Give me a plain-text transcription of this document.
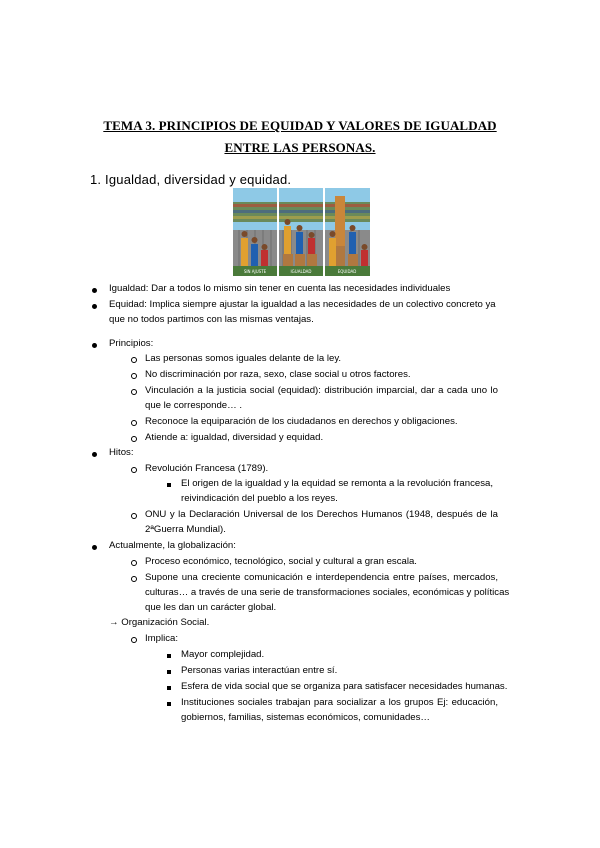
TEMA 3. PRINCIPIOS DE EQUIDAD Y VALORES DE IGUALDAD
ENTRE LAS PERSONAS.
1. Igualdad, diversidad y equidad.
SIN AJUSTE	IGUALDAD	EQUIDAD
Igualdad: Dar a todos lo mismo sin tener en cuenta las necesidades individuales
Equidad: Implica siempre ajustar la igualdad a las necesidades de un colectivo concreto ya
que no todos partimos con las mismas ventajas.
Principios:
Las personas somos iguales delante de la ley.
No discriminación por raza, sexo, clase social u otros factores.
Vinculación a la justicia social (equidad): distribución imparcial, dar a cada uno lo
que le corresponde… .
Reconoce la equiparación de los ciudadanos en derechos y obligaciones.
Atiende a: igualdad, diversidad y equidad.
Hitos:
Revolución Francesa (1789).
El origen de la igualdad y la equidad se remonta a la revolución francesa,
reivindicación del pueblo a los reyes.
ONU y la Declaración Universal de los Derechos Humanos (1948, después de la
2ªGuerra Mundial).
Actualmente, la globalización:
Proceso económico, tecnológico, social y cultural a gran escala.
Supone una creciente comunicación e interdependencia entre países, mercados,
culturas… a través de una serie de transformaciones sociales, económicas y políticas
que les dan un carácter global.
→ Organización Social.
Implica:
Mayor complejidad.
Personas varias interactúan entre sí.
Esfera de vida social que se organiza para satisfacer necesidades humanas.
Instituciones sociales trabajan para socializar a los grupos Ej: educación,
gobiernos, familias, sistemas económicos, comunidades…
